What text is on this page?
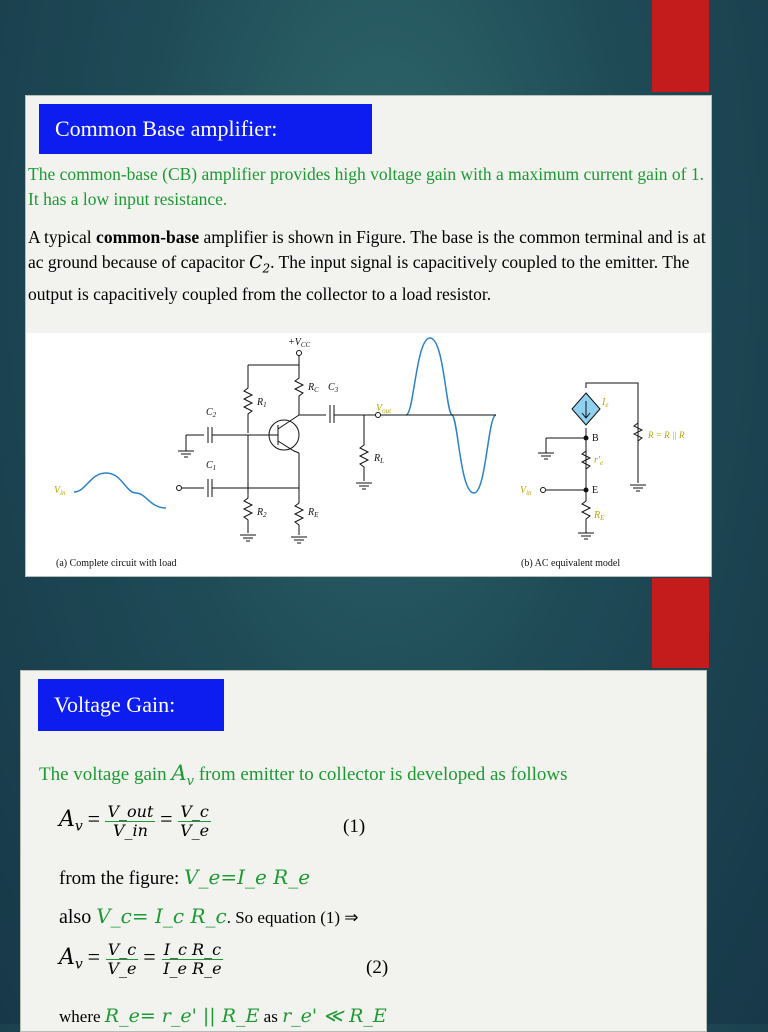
Common Base amplifier:
The common-base (CB) amplifier provides high voltage gain with a maximum current gain of 1. It has a low input resistance.
A typical common-base amplifier is shown in Figure. The base is the common terminal and is at ac ground because of capacitor $C_2$. The input signal is capacitively coupled to the emitter. The output is capacitively coupled from the collector to a load resistor.
$+V_{CC}$
$R_1$
$R_C$ $C_3$
$V_{out}$
$R_L$
$C_2$
$R_2$
$C_1$
$R_E$
$V_{in}$
(a) Complete circuit with load
$I_e$
B
$r'_e$
E
$V_{in}$
$R_E$
R = R || R
(b) AC equivalent model
Voltage Gain:
The voltage gain $A_v$ from emitter to collector is developed as follows
$A_v = \frac{\text{V\_out}}{V\_in} = \frac{V\_c}{V\_e}$	(1)
from the figure: V_e=I_e R_e
also V_c= I_c R_c. So equation (1) ⇒
$A_v = \frac{V\_c}{V\_e} = \frac{\text{I\_c R\_c}}{\text{I\_e R\_e}}$	(2)
where R_e= r_e' || R_E as r_e' ≪ R_E
